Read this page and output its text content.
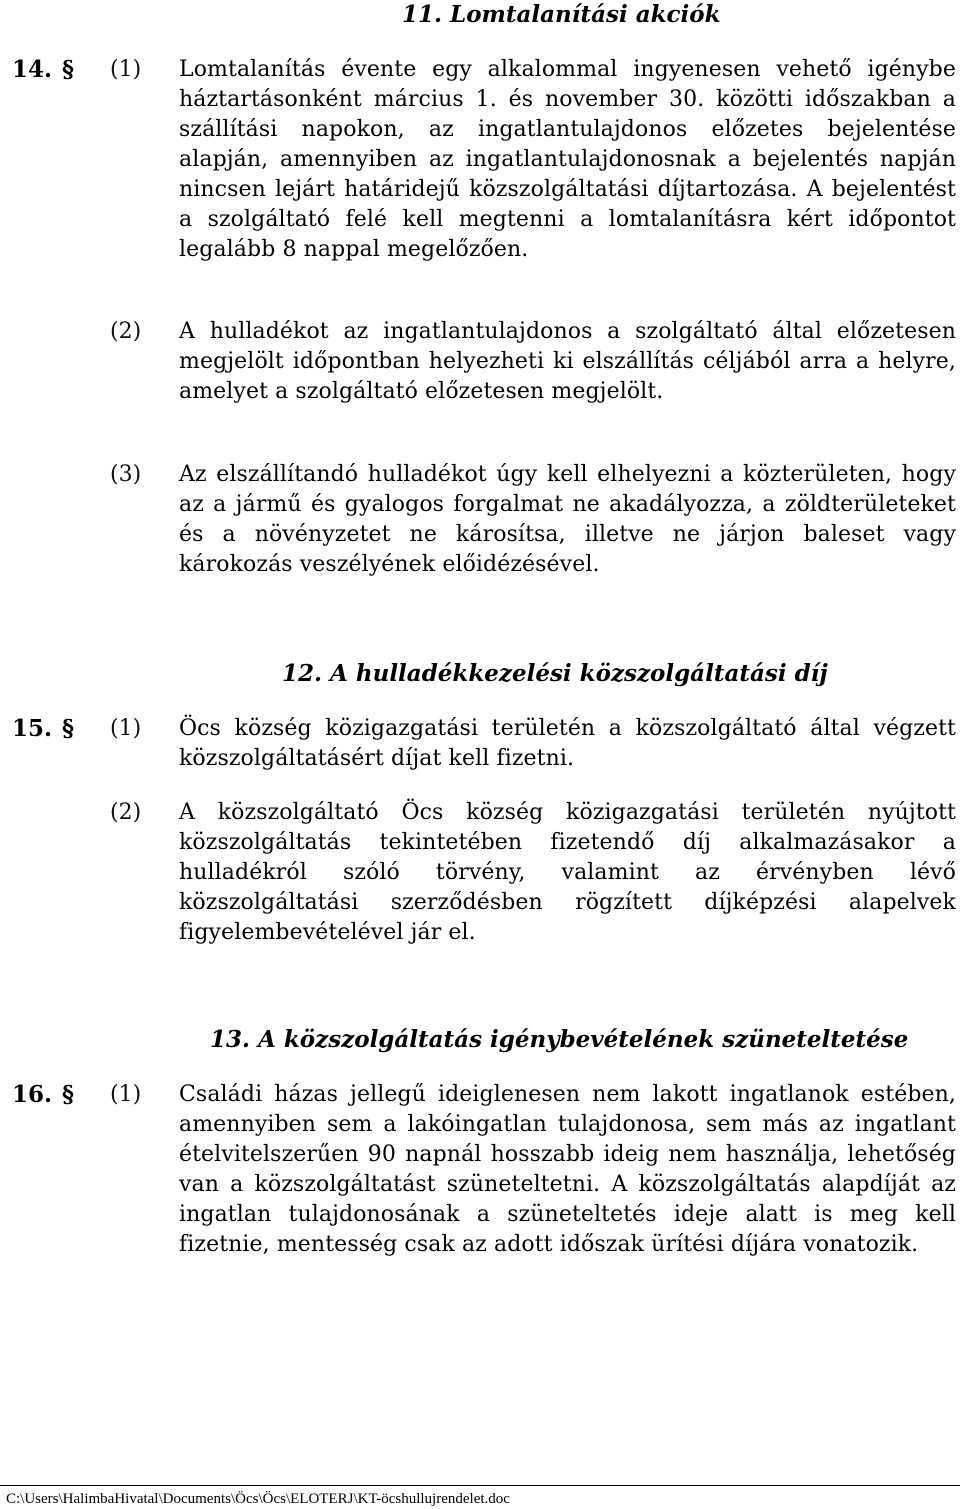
11. Lomtalanítási akciók
14. § (1) Lomtalanítás évente egy alkalommal ingyenesen vehető igénybe háztartásonként március 1. és november 30. közötti időszakban a szállítási napokon, az ingatlantulajdonos előzetes bejelentése alapján, amennyiben az ingatlantulajdonosnak a bejelentés napján nincsen lejárt határidejű közszolgáltatási díjtartozása. A bejelentést a szolgáltató felé kell megtenni a lomtalanításra kért időpontot legalább 8 nappal megelőzően.
(2) A hulladékot az ingatlantulajdonos a szolgáltató által előzetesen megjelölt időpontban helyezheti ki elszállítás céljából arra a helyre, amelyet a szolgáltató előzetesen megjelölt.
(3) Az elszállítandó hulladékot úgy kell elhelyezni a közterületen, hogy az a jármű és gyalogos forgalmat ne akadályozza, a zöldterületeket és a növényzetet ne károsítsa, illetve ne járjon baleset vagy károkozás veszélyének előidézésével.
12. A hulladékkezelési közszolgáltatási díj
15. § (1) Öcs község közigazgatási területén a közszolgáltató által végzett közszolgáltatásért díjat kell fizetni.
(2) A közszolgáltató Öcs község közigazgatási területén nyújtott közszolgáltatás tekintetében fizetendő díj alkalmazásakor a hulladékról szóló törvény, valamint az érvényben lévő közszolgáltatási szerződésben rögzített díjképzési alapelvek figyelembevételével jár el.
13. A közszolgáltatás igénybevételének szüneteltetése
16. § (1) Családi házas jellegű ideiglenesen nem lakott ingatlanok estében, amennyiben sem a lakóingatlan tulajdonosa, sem más az ingatlant ételvitelszerűen 90 napnál hosszabb ideig nem használja, lehetőség van a közszolgáltatást szüneteltetni. A közszolgáltatás alapdíját az ingatlan tulajdonosának a szüneteltetés ideje alatt is meg kell fizetnie, mentesség csak az adott időszak ürítési díjára vonatozik.
C:\Users\HalimbaHivatal\Documents\Öcs\Öcs\ELOTERJ\KT-öcshullujrendelet.doc
